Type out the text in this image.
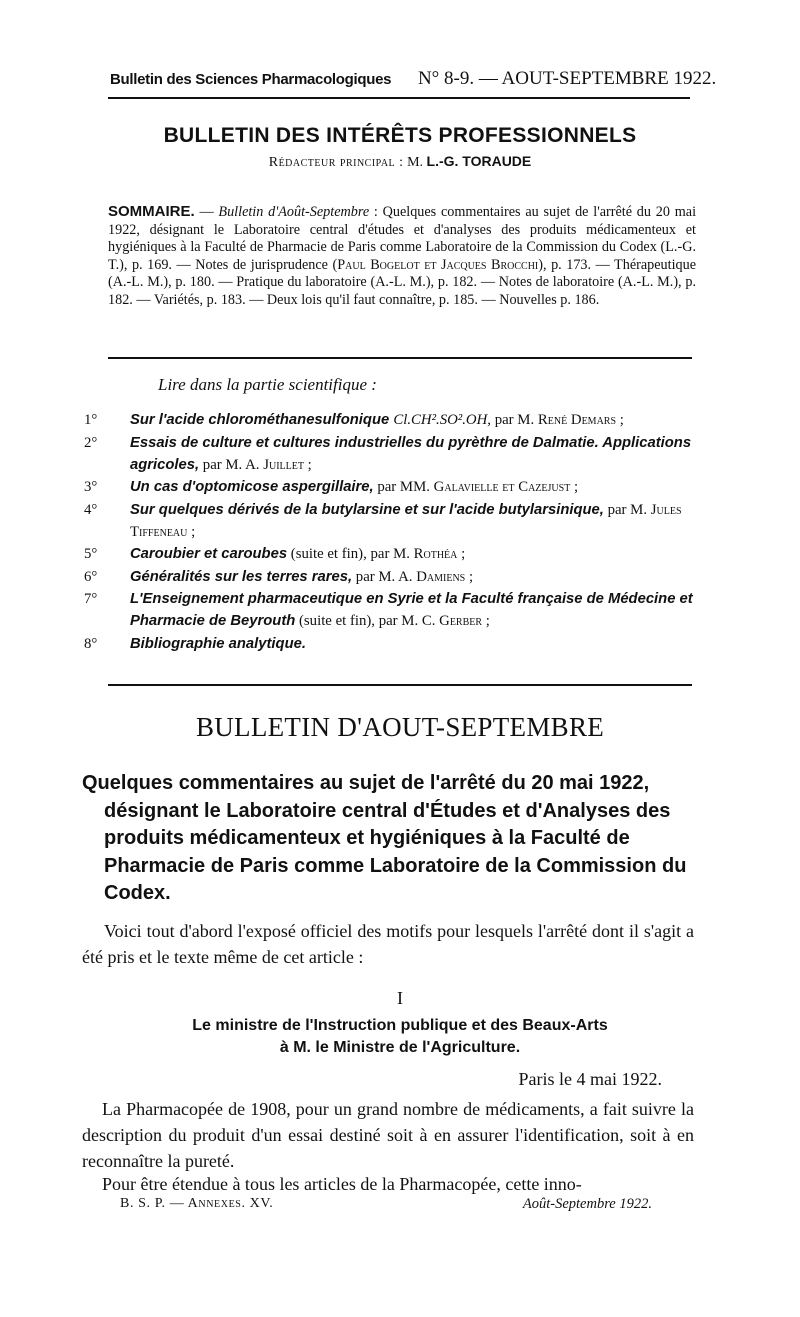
Bulletin des Sciences Pharmacologiques N° 8-9. — AOUT-SEPTEMBRE 1922.
BULLETIN DES INTÉRÊTS PROFESSIONNELS
Rédacteur principal : M. L.-G. TORAUDE
SOMMAIRE. — Bulletin d'Août-Septembre : Quelques commentaires au sujet de l'arrêté du 20 mai 1922, désignant le Laboratoire central d'études et d'analyses des produits médicamenteux et hygiéniques à la Faculté de Pharmacie de Paris comme Laboratoire de la Commission du Codex (L.-G. T.), p. 169. — Notes de jurisprudence (Paul Bogelot et Jacques Brocchi), p. 173. — Thérapeutique (A.-L. M.), p. 180. — Pratique du laboratoire (A.-L. M.), p. 182. — Notes de laboratoire (A.-L. M.), p. 182. — Variétés, p. 183. — Deux lois qu'il faut connaître, p. 185. — Nouvelles p. 186.
Lire dans la partie scientifique :
1° Sur l'acide chlorométhanesulfonique Cl.CH².SO².OH, par M. René Demars ;
2° Essais de culture et cultures industrielles du pyrèthre de Dalmatie. Applications agricoles, par M. A. Juillet ;
3° Un cas d'optomicose aspergillaire, par MM. Galavielle et Cazejust ;
4° Sur quelques dérivés de la butylarsine et sur l'acide butylarsinique, par M. Jules Tiffeneau ;
5° Caroubier et caroubes (suite et fin), par M. Rothéa ;
6° Généralités sur les terres rares, par M. A. Damiens ;
7° L'Enseignement pharmaceutique en Syrie et la Faculté française de Médecine et Pharmacie de Beyrouth (suite et fin), par M. C. Gerber ;
8° Bibliographie analytique.
BULLETIN D'AOUT-SEPTEMBRE
Quelques commentaires au sujet de l'arrêté du 20 mai 1922,
désignant le Laboratoire central d'Études et d'Analyses des
produits médicamenteux et hygiéniques à la Faculté de
Pharmacie de Paris comme Laboratoire de la Commission du
Codex.
Voici tout d'abord l'exposé officiel des motifs pour lesquels l'arrêté dont il s'agit a été pris et le texte même de cet article :
I
Le ministre de l'Instruction publique et des Beaux-Arts
à M. le Ministre de l'Agriculture.
Paris le 4 mai 1922.
La Pharmacopée de 1908, pour un grand nombre de médicaments, a fait suivre la description du produit d'un essai destiné soit à en assurer l'identification, soit à en reconnaître la pureté.
Pour être étendue à tous les articles de la Pharmacopée, cette inno-
B. S. P. — Annexes. XV.	Août-Septembre 1922.
